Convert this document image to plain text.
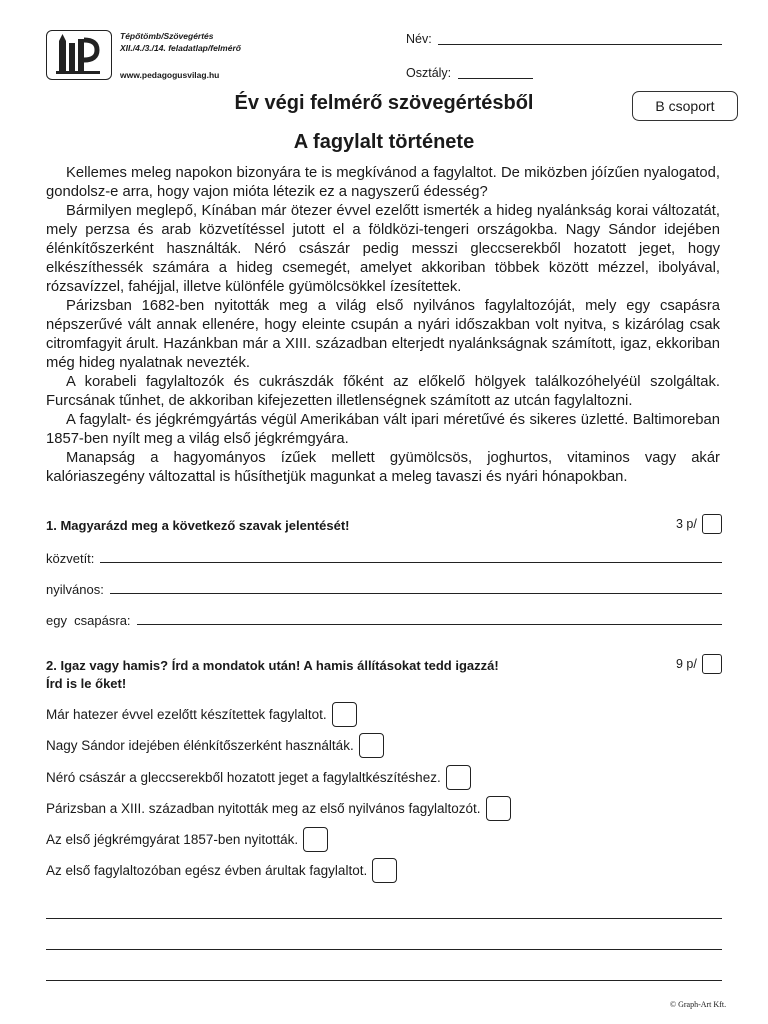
Tépőtömb/Szövegértés
XII./4./3./14. feladatlap/felmérő
www.pedagogusvilag.hu
Név:
Osztály:
Év végi felmérő szövegértésből	B csoport
A fagylalt története

Kellemes meleg napokon bizonyára te is megkívánod a fagylaltot. De miközben jóízűen nyalogatod, gondolsz-e arra, hogy vajon mióta létezik ez a nagyszerű édesség?

Bármilyen meglepő, Kínában már ötezer évvel ezelőtt ismerték a hideg nyalánkság korai változatát, mely perzsa és arab közvetítéssel jutott el a földközi-tengeri országokba. Nagy Sándor idejében élénkítőszerként használták. Néró császár pedig messzi gleccserekből hozatott jeget, hogy elkészíthessék számára a hideg csemegét, amelyet akkoriban többek között mézzel, ibolyával, rózsavízzel, fahéjjal, illetve különféle gyümölcsökkel ízesítettek.

Párizsban 1682-ben nyitották meg a világ első nyilvános fagylaltozóját, mely egy csapásra népszerűvé vált annak ellenére, hogy eleinte csupán a nyári időszakban volt nyitva, s kizárólag csak citromfagyit árult. Hazánkban már a XIII. században elterjedt nyalánkságnak számított, igaz, ekkoriban még hideg nyalatnak nevezték.

A korabeli fagylaltozók és cukrászdák főként az előkelő hölgyek találkozóhelyéül szolgáltak. Furcsának tűnhet, de akkoriban kifejezetten illetlenségnek számított az utcán fagylaltozni.

A fagylalt- és jégkrémgyártás végül Amerikában vált ipari méretűvé és sikeres üzletté. Baltimoreban 1857-ben nyílt meg a világ első jégkrémgyára.

Manapság a hagyományos ízűek mellett gyümölcsös, joghurtos, vitaminos vagy akár kalóriaszegény változattal is hűsíthetjük magunkat a meleg tavaszi és nyári hónapokban.

1. Magyarázd meg a következő szavak jelentését!	3 p/
közvetít:
nyilvános:
egy  csapásra:
2. Igaz vagy hamis? Írd a mondatok után! A hamis állításokat tedd igazzá!
Írd is le őket!
9 p/
Már hatezer évvel ezelőtt készítettek fagylaltot.
Nagy Sándor idejében élénkítőszerként használták.
Néró császár a gleccserekből hozatott jeget a fagylaltkészítéshez.
Párizsban a XIII. században nyitották meg az első nyilvános fagylaltozót.
Az első jégkrémgyárat 1857-ben nyitották.
Az első fagylaltozóban egész évben árultak fagylaltot.
© Graph-Art Kft.
